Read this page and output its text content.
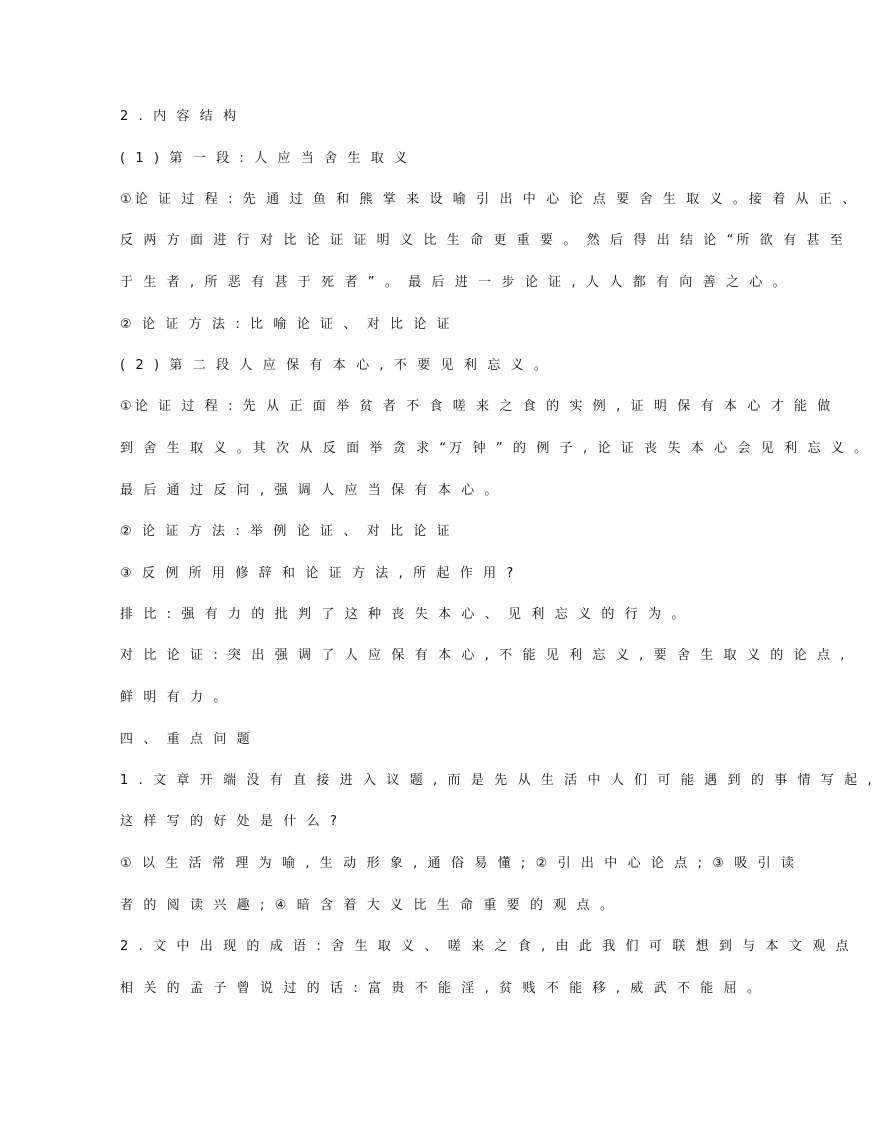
2 . 内 容 结 构
( 1 ) 第 一 段 : 人 应 当 舍 生 取 义
①论 证 过 程 : 先 通 过 鱼 和 熊 掌 来 设 喻 引 出 中 心 论 点 要 舍 生 取 义 。接 着 从 正 、
反 两 方 面 进 行 对 比 论 证 证 明 义 比 生 命 更 重 要 。 然 后 得 出 结 论 “所 欲 有 甚 至
于 生 者 , 所 恶 有 甚 于 死 者 ” 。 最 后 进 一 步 论 证 , 人 人 都 有 向 善 之 心 。
② 论 证 方 法 : 比 喻 论 证 、 对 比 论 证
( 2 ) 第 二 段 人 应 保 有 本 心 , 不 要 见 利 忘 义 。
①论 证 过 程 : 先 从 正 面 举 贫 者 不 食 嗟 来 之 食 的 实 例 , 证 明 保 有 本 心 才 能 做
到 舍 生 取 义 。其 次 从 反 面 举 贪 求 “万 钟 ” 的 例 子 , 论 证 丧 失 本 心 会 见 利 忘 义 。
最 后 通 过 反 问 , 强 调 人 应 当 保 有 本 心 。
② 论 证 方 法 : 举 例 论 证 、 对 比 论 证
③ 反 例 所 用 修 辞 和 论 证 方 法 , 所 起 作 用 ?
排 比 : 强 有 力 的 批 判 了 这 种 丧 失 本 心 、 见 利 忘 义 的 行 为 。
对 比 论 证 : 突 出 强 调 了 人 应 保 有 本 心 , 不 能 见 利 忘 义 , 要 舍 生 取 义 的 论 点 ,
鲜 明 有 力 。
四 、 重 点 问 题
1 . 文 章 开 端 没 有 直 接 进 入 议 题 , 而 是 先 从 生 活 中 人 们 可 能 遇 到 的 事 情 写 起 ,
这 样 写 的 好 处 是 什 么 ?
① 以 生 活 常 理 为 喻 , 生 动 形 象 , 通 俗 易 懂 ; ② 引 出 中 心 论 点 ; ③ 吸 引 读
者 的 阅 读 兴 趣 ; ④ 暗 含 着 大 义 比 生 命 重 要 的 观 点 。
2 . 文 中 出 现 的 成 语 : 舍 生 取 义 、 嗟 来 之 食 , 由 此 我 们 可 联 想 到 与 本 文 观 点
相 关 的 孟 子 曾 说 过 的 话 : 富 贵 不 能 淫 , 贫 贱 不 能 移 , 威 武 不 能 屈 。
